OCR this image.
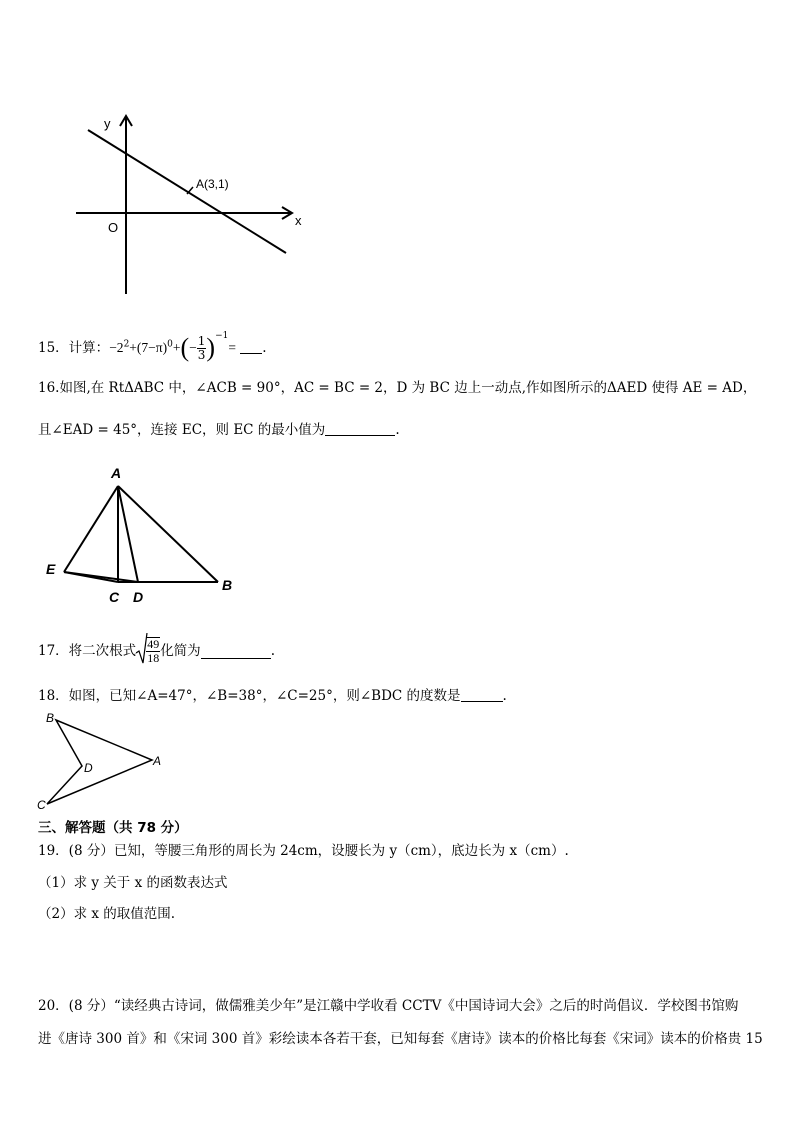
y
x
O
A(3,1)
15．计算：$-2^2+(7-\pi)^0+(- \frac{1}{3} )^{-1}=$ .
16.如图,在 RtΔABC 中，∠ACB = 90°，AC = BC = 2，D 为 BC 边上一动点,作如图所示的ΔAED 使得 AE = AD，
且∠EAD = 45°，连接 EC，则 EC 的最小值为	.
A
E
C D
B
17．将二次根式 $\frac{49}{18}$ 化简为	.
18．如图，已知∠A=47°，∠B=38°，∠C=25°，则∠BDC 的度数是	.
B
A
D
C
三、解答题（共 78 分）
19．(8 分）已知，等腰三角形的周长为 24cm，设腰长为 y（cm），底边长为 x（cm）.
（1）求 y 关于 x 的函数表达式
（2）求 x 的取值范围.
20．(8 分）“读经典古诗词，做儒雅美少年”是江赣中学收看 CCTV《中国诗词大会》之后的时尚倡议．学校图书馆购
进《唐诗 300 首》和《宋词 300 首》彩绘读本各若干套，已知每套《唐诗》读本的价格比每套《宋词》读本的价格贵 15
